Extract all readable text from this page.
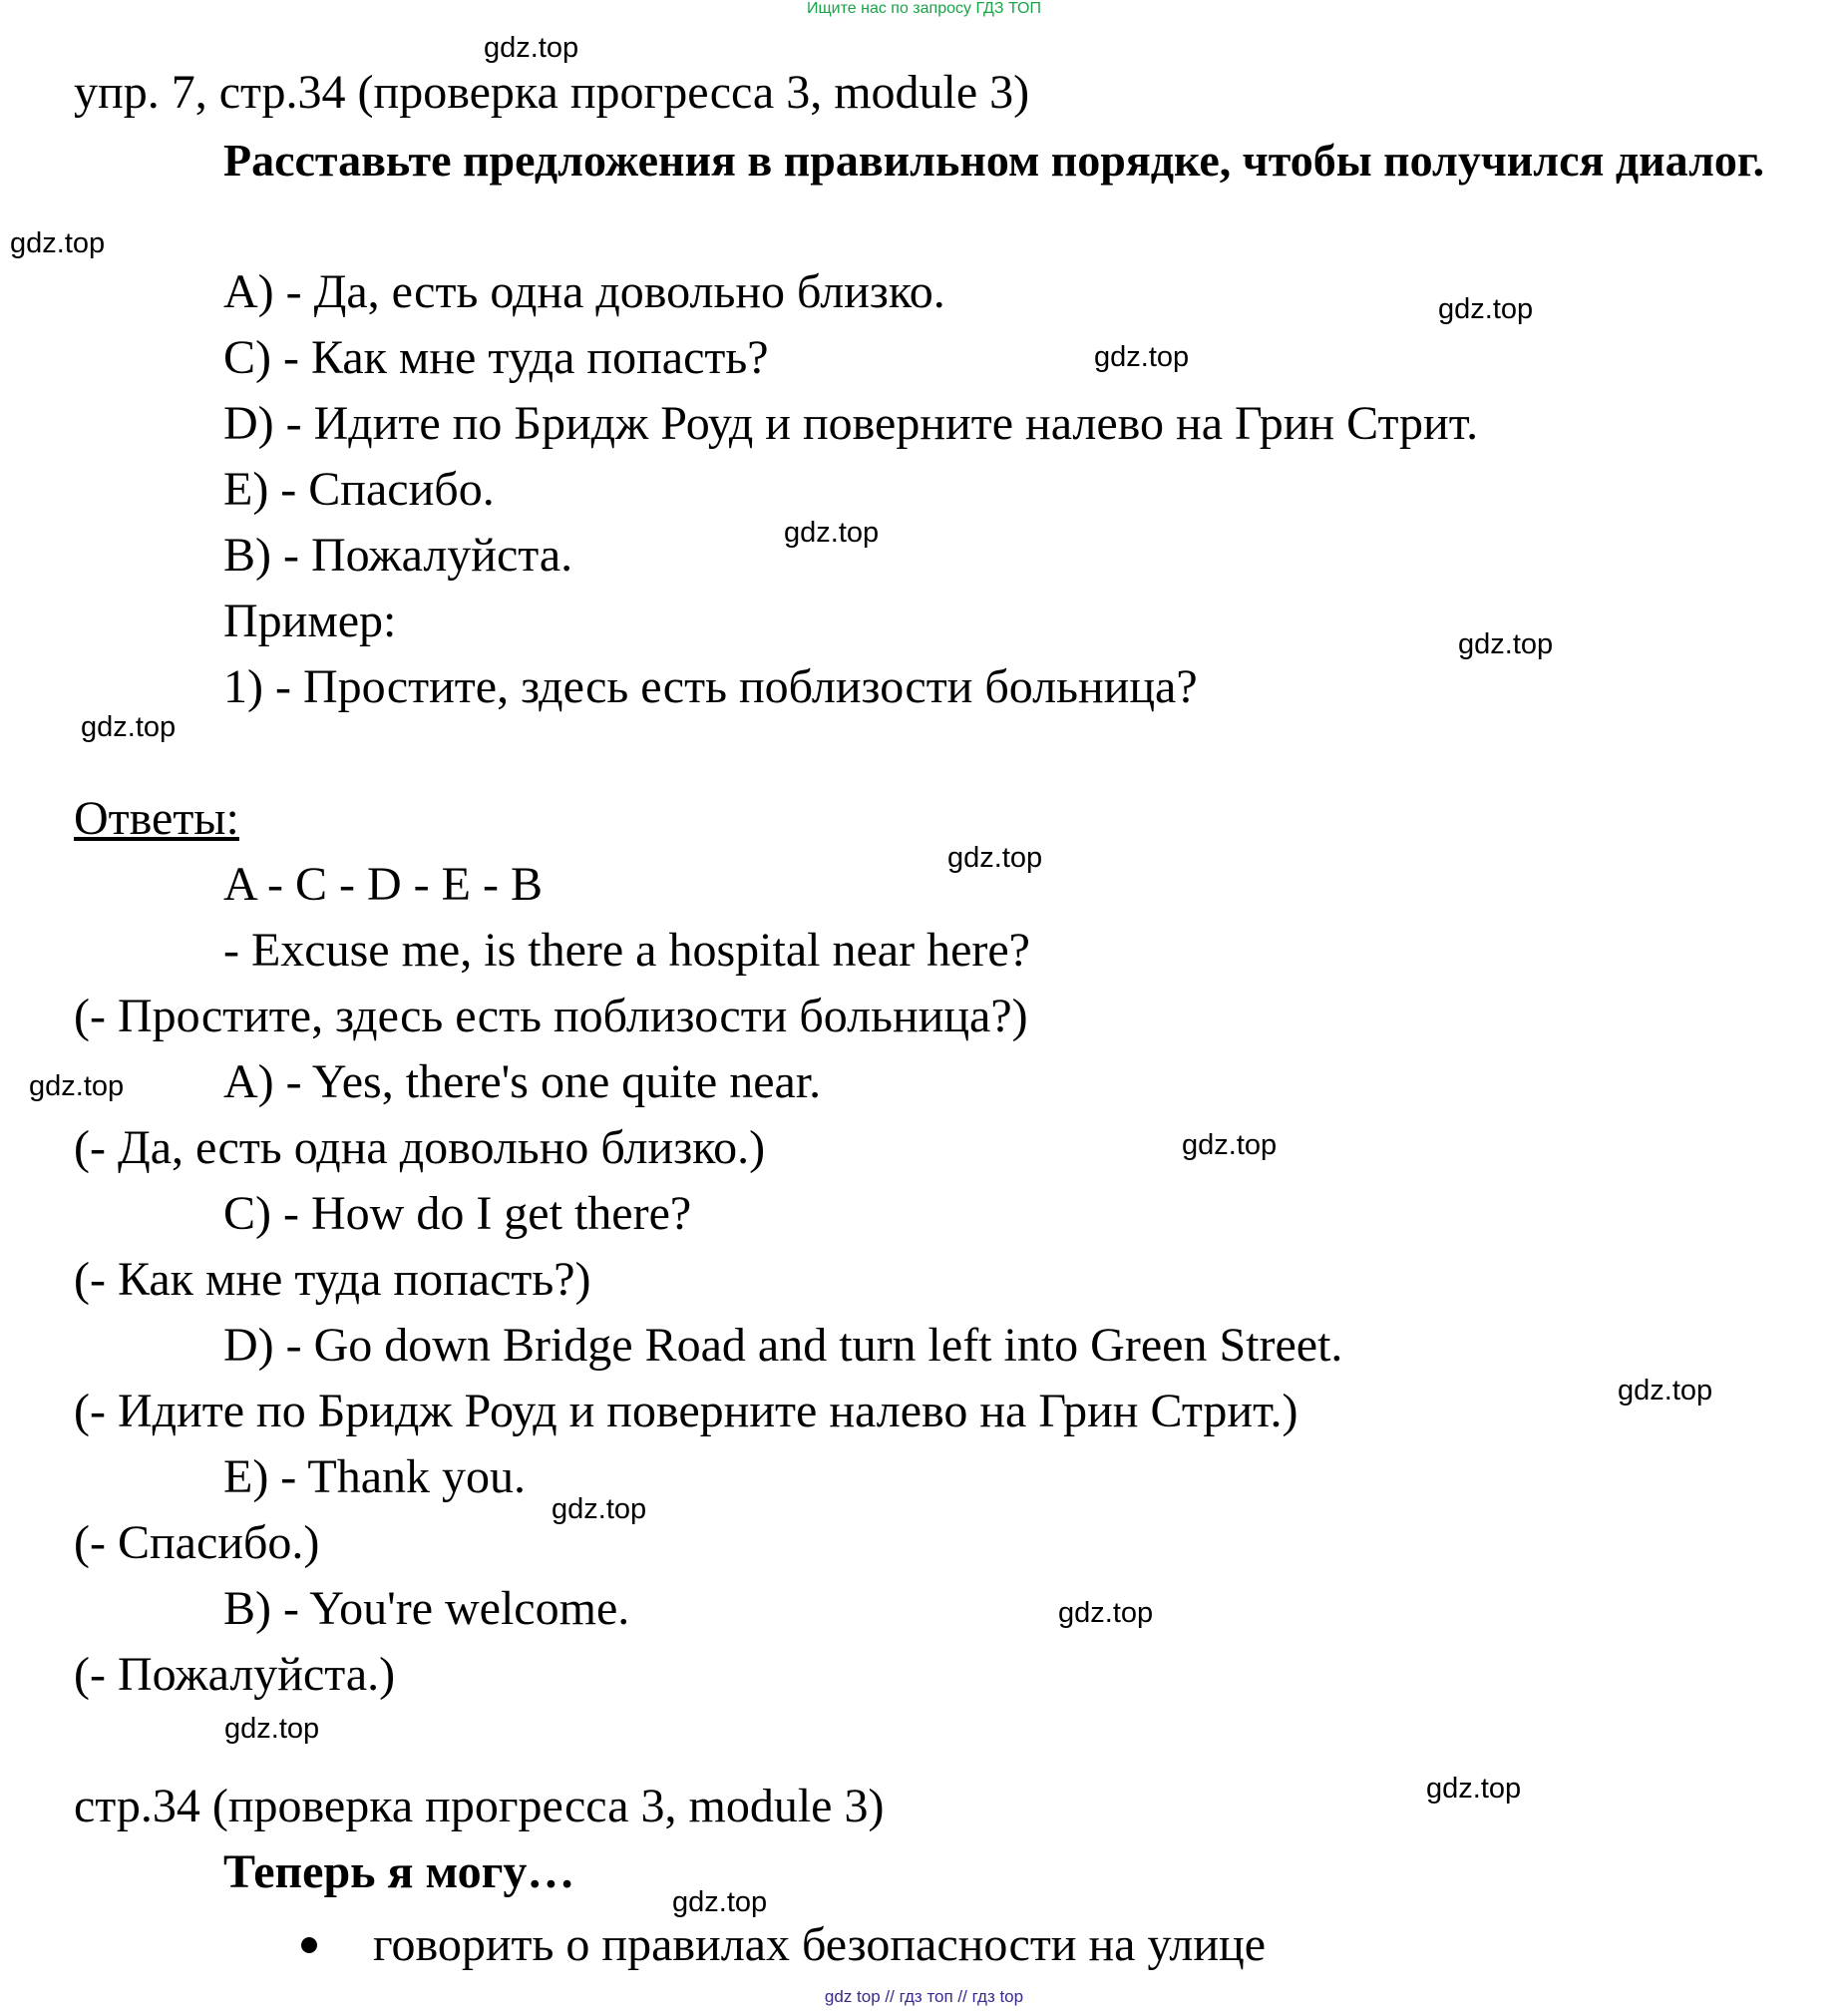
Ищите нас по запросу ГДЗ ТОП
gdz top // гдз топ // гдз top
gdz.top
gdz.top
gdz.top
gdz.top
gdz.top
gdz.top
gdz.top
gdz.top
gdz.top
gdz.top
gdz.top
gdz.top
gdz.top
gdz.top
gdz.top
gdz.top
упр. 7, стр.34 (проверка прогресса 3, module 3)
Расставьте предложения в правильном порядке, чтобы получился диалог.
A) - Да, есть одна довольно близко.
C) - Как мне туда попасть?
D) - Идите по Бридж Роуд и поверните налево на Грин Стрит.
E) - Спасибо.
B) - Пожалуйста.
Пример:
1) - Простите, здесь есть поблизости больница?
Ответы:
A - C - D - E - B
- Excuse me, is there a hospital near here?
(- Простите, здесь есть поблизости больница?)
A) - Yes, there's one quite near.
(- Да, есть одна довольно близко.)
C) - How do I get there?
(- Как мне туда попасть?)
D) - Go down Bridge Road and turn left into Green Street.
(- Идите по Бридж Роуд и поверните налево на Грин Стрит.)
E) - Thank you.
(- Спасибо.)
B) - You're welcome.
(- Пожалуйста.)
стр.34 (проверка прогресса 3, module 3)
Теперь я могу…
говорить о правилах безопасности на улице
